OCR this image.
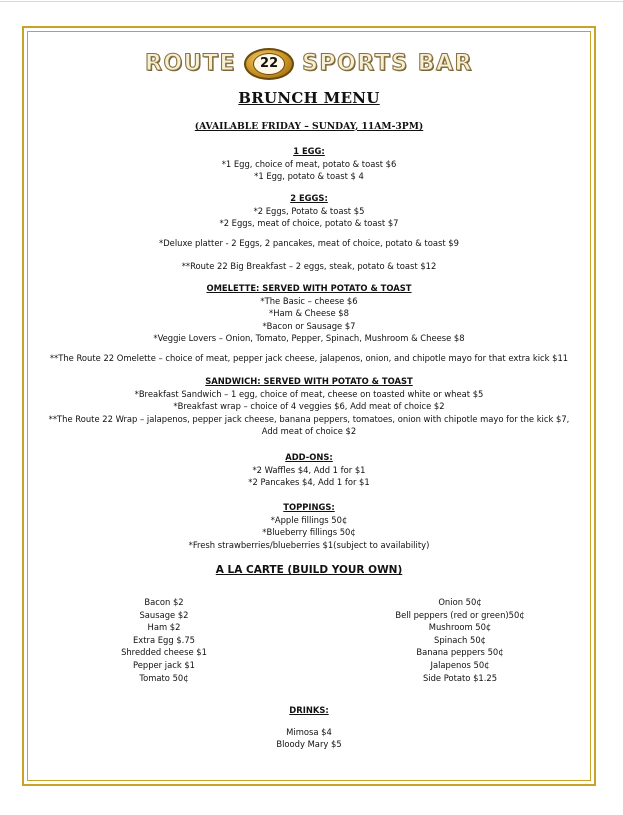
ROUTE	22	SPORTS BAR
BRUNCH MENU
(AVAILABLE FRIDAY – SUNDAY, 11AM-3PM)
1 EGG:
*1 Egg, choice of meat, potato & toast $6
*1 Egg, potato & toast $ 4
2 EGGS:
*2 Eggs, Potato & toast $5
*2 Eggs, meat of choice, potato & toast $7
*Deluxe platter - 2 Eggs, 2 pancakes, meat of choice, potato & toast $9
**Route 22 Big Breakfast – 2 eggs, steak, potato & toast $12
OMELETTE: SERVED WITH POTATO & TOAST
*The Basic – cheese $6
*Ham & Cheese $8
*Bacon or Sausage $7
*Veggie Lovers – Onion, Tomato, Pepper, Spinach, Mushroom & Cheese $8
**The Route 22 Omelette – choice of meat, pepper jack cheese, jalapenos, onion, and chipotle mayo for that extra kick $11
SANDWICH: SERVED WITH POTATO & TOAST
*Breakfast Sandwich – 1 egg, choice of meat, cheese on toasted white or wheat $5
*Breakfast wrap – choice of 4 veggies $6, Add meat of choice $2
**The Route 22 Wrap – jalapenos, pepper jack cheese, banana peppers, tomatoes, onion with chipotle mayo for the kick $7,
Add meat of choice $2
ADD-ONS:
*2 Waffles $4, Add 1 for $1
*2 Pancakes $4, Add 1 for $1
TOPPINGS:
*Apple fillings 50¢
*Blueberry fillings 50¢
*Fresh strawberries/blueberries $1(subject to availability)
A LA CARTE (BUILD YOUR OWN)
Bacon $2
Sausage $2
Ham $2
Extra Egg $.75
Shredded cheese $1
Pepper jack $1
Tomato 50¢
Onion 50¢
Bell peppers (red or green)50¢
Mushroom 50¢
Spinach 50¢
Banana peppers 50¢
Jalapenos 50¢
Side Potato $1.25
DRINKS:
Mimosa $4
Bloody Mary $5
